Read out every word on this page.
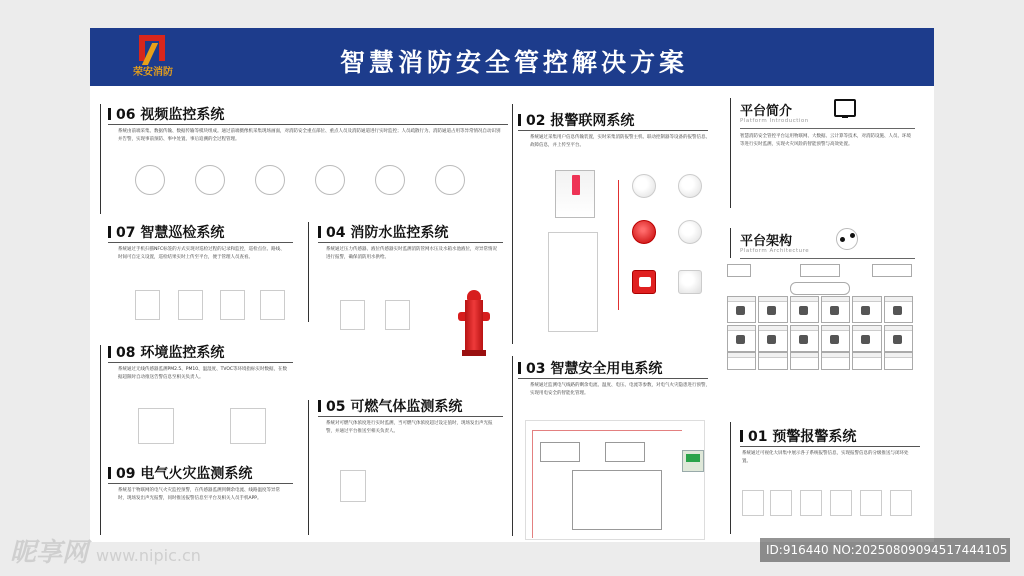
荣安消防	智慧消防安全管控解决方案
06 视频监控系统
系统由前端采集、数据传输、数据传输等模块组成。通过前端摄像机采集现场画面，对消防安全重点部位、重点人员及消防通道进行实时监控；人员疏散行为、消防通道占用等异常情况自动识别并告警，实现事前预防、事中处置、事后追溯的全过程管理。
07 智慧巡检系统
系统通过手机扫描NFC标签的方式实现对巡检过程的记录和监控，巡检点位、路线、时间可自定义设置，巡检结果实时上传至平台，便于管理人员查看。
08 环境监控系统
系统通过无线传感器监测PM2.5、PM10、温湿度、TVOC等环境指标实时数据，在数据超限时自动推送告警信息至相关负责人。
09 电气火灾监测系统
系统基于物联网的电气火灾监控预警，在传感器监测到剩余电流、线路温度等异常时，现场发出声光报警，同时推送报警信息至平台及相关人员手机APP。
04 消防水监控系统
系统通过压力传感器、液位传感器实时监测消防管网水压及水箱水池液位，对异常情况进行报警，确保消防用水供给。
05 可燃气体监测系统
系统对可燃气体浓度进行实时监测，当可燃气体浓度超过设定值时，现场发出声光报警，并通过平台推送至相关负责人。
02 报警联网系统
系统通过采集用户信息传输装置，实时采集消防报警主机、联动控制器等设备的报警信息、故障信息，并上传至平台。
03 智慧安全用电系统
系统通过监测电气线路的剩余电流、温度、电压、电流等参数，对电气火灾隐患进行预警，实现用电安全的智能化管理。
平台简介
Platform Introduction
智慧消防安全管控平台运用物联网、大数据、云计算等技术，对消防设施、人员、环境等进行实时监测，实现火灾风险的智能预警与高效处置。
平台架构
Platform Architecture
01 预警报警系统
系统通过可视化大屏集中展示各子系统报警信息，实现报警信息的分级推送与闭环处置。
昵享网 www.nipic.cn	ID:916440 NO:20250809094517444105
